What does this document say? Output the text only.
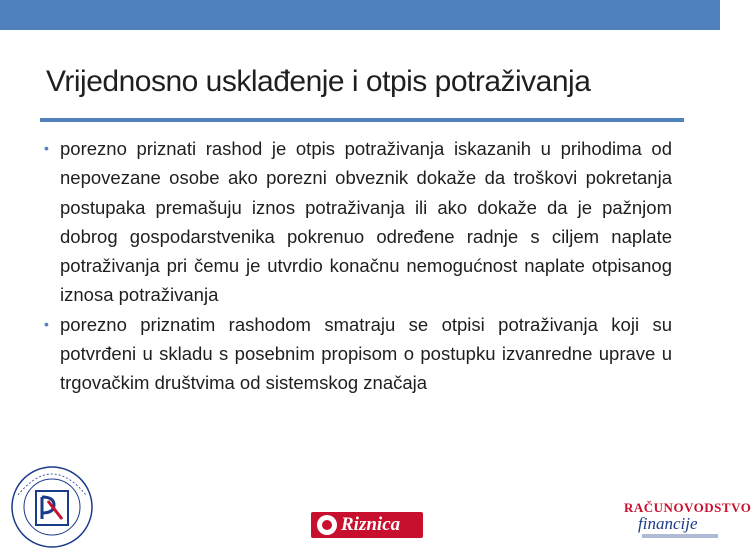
Vrijednosno usklađenje i otpis potraživanja
• porezno priznati rashod je otpis potraživanja iskazanih u prihodima od nepovezane osobe ako porezni obveznik dokaže da troškovi pokretanja postupaka premašuju iznos potraživanja ili ako dokaže da je pažnjom dobrog gospodarstvenika pokrenuo određene radnje s ciljem naplate potraživanja pri čemu je utvrdio konačnu nemogućnost naplate otpisanog iznosa potraživanja
• porezno priznatim rashodom smatraju se otpisi potraživanja koji su potvrđeni u skladu s posebnim propisom o postupku izvanredne uprave u trgovačkim društvima od sistemskog značaja
Riznica
RAČUNOVODSTVO
financije
